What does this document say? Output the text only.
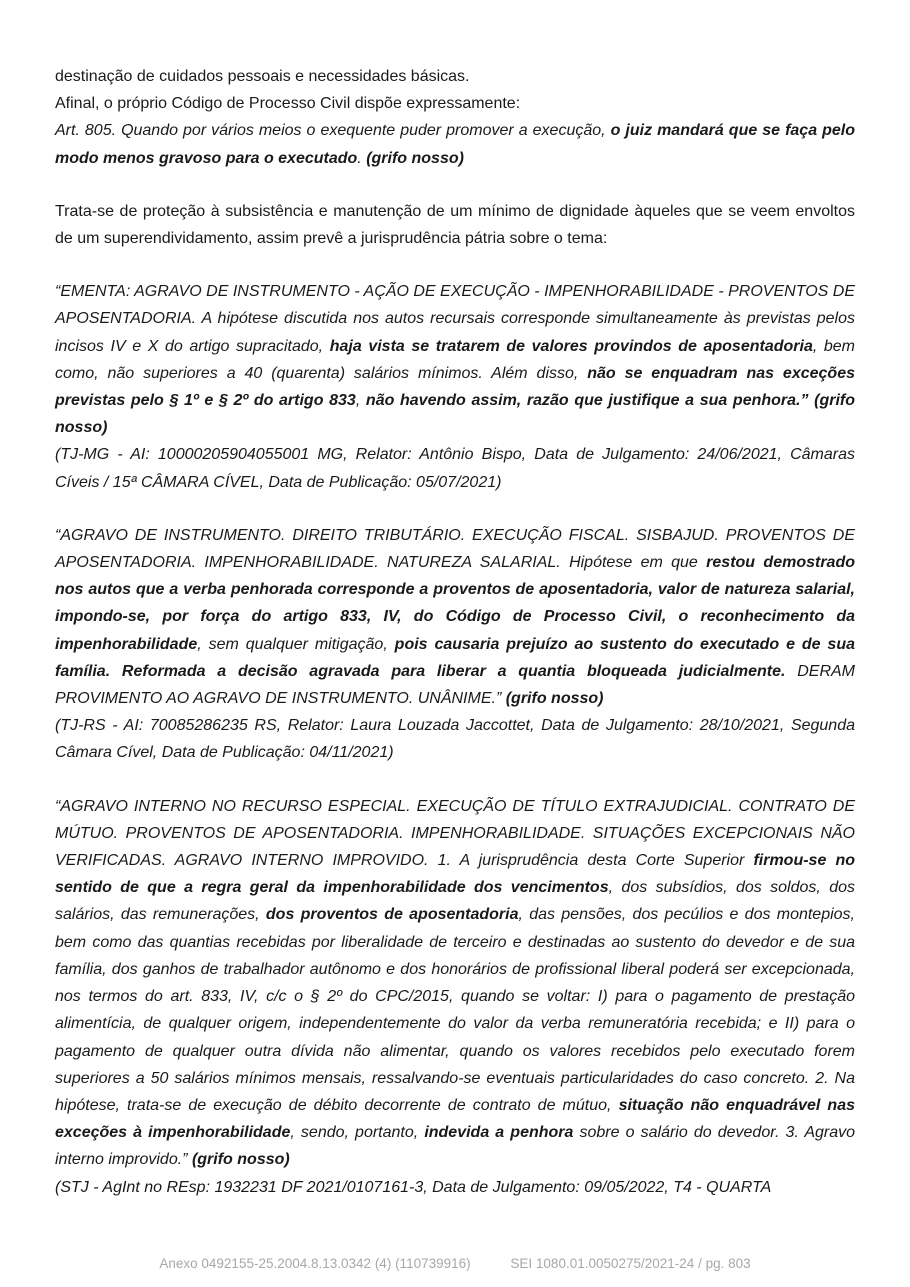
destinação de cuidados pessoais e necessidades básicas.

Afinal, o próprio Código de Processo Civil dispõe expressamente:

Art. 805. Quando por vários meios o exequente puder promover a execução, o juiz mandará que se faça pelo modo menos gravoso para o executado. (grifo nosso)

Trata-se de proteção à subsistência e manutenção de um mínimo de dignidade àqueles que se veem envoltos de um superendividamento, assim prevê a jurisprudência pátria sobre o tema:

“EMENTA: AGRAVO DE INSTRUMENTO - AÇÃO DE EXECUÇÃO - IMPENHORABILIDADE - PROVENTOS DE APOSENTADORIA. A hipótese discutida nos autos recursais corresponde simultaneamente às previstas pelos incisos IV e X do artigo supracitado, haja vista se tratarem de valores provindos de aposentadoria, bem como, não superiores a 40 (quarenta) salários mínimos. Além disso, não se enquadram nas exceções previstas pelo § 1º e § 2º do artigo 833, não havendo assim, razão que justifique a sua penhora.” (grifo nosso)

(TJ-MG - AI: 10000205904055001 MG, Relator: Antônio Bispo, Data de Julgamento: 24/06/2021, Câmaras Cíveis / 15ª CÂMARA CÍVEL, Data de Publicação: 05/07/2021)

“AGRAVO DE INSTRUMENTO. DIREITO TRIBUTÁRIO. EXECUÇÃO FISCAL. SISBAJUD. PROVENTOS DE APOSENTADORIA. IMPENHORABILIDADE. NATUREZA SALARIAL. Hipótese em que restou demostrado nos autos que a verba penhorada corresponde a proventos de aposentadoria, valor de natureza salarial, impondo-se, por força do artigo 833, IV, do Código de Processo Civil, o reconhecimento da impenhorabilidade, sem qualquer mitigação, pois causaria prejuízo ao sustento do executado e de sua família. Reformada a decisão agravada para liberar a quantia bloqueada judicialmente. DERAM PROVIMENTO AO AGRAVO DE INSTRUMENTO. UNÂNIME.” (grifo nosso)

(TJ-RS - AI: 70085286235 RS, Relator: Laura Louzada Jaccottet, Data de Julgamento: 28/10/2021, Segunda Câmara Cível, Data de Publicação: 04/11/2021)

“AGRAVO INTERNO NO RECURSO ESPECIAL. EXECUÇÃO DE TÍTULO EXTRAJUDICIAL. CONTRATO DE MÚTUO. PROVENTOS DE APOSENTADORIA. IMPENHORABILIDADE. SITUAÇÕES EXCEPCIONAIS NÃO VERIFICADAS. AGRAVO INTERNO IMPROVIDO. 1. A jurisprudência desta Corte Superior firmou-se no sentido de que a regra geral da impenhorabilidade dos vencimentos, dos subsídios, dos soldos, dos salários, das remunerações, dos proventos de aposentadoria, das pensões, dos pecúlios e dos montepios, bem como das quantias recebidas por liberalidade de terceiro e destinadas ao sustento do devedor e de sua família, dos ganhos de trabalhador autônomo e dos honorários de profissional liberal poderá ser excepcionada, nos termos do art. 833, IV, c/c o § 2º do CPC/2015, quando se voltar: I) para o pagamento de prestação alimentícia, de qualquer origem, independentemente do valor da verba remuneratória recebida; e II) para o pagamento de qualquer outra dívida não alimentar, quando os valores recebidos pelo executado forem superiores a 50 salários mínimos mensais, ressalvando-se eventuais particularidades do caso concreto. 2. Na hipótese, trata-se de execução de débito decorrente de contrato de mútuo, situação não enquadrável nas exceções à impenhorabilidade, sendo, portanto, indevida a penhora sobre o salário do devedor. 3. Agravo interno improvido.” (grifo nosso)

(STJ - AgInt no REsp: 1932231 DF 2021/0107161-3, Data de Julgamento: 09/05/2022, T4 - QUARTA

Anexo 0492155-25.2004.8.13.0342 (4) (110739916)	SEI 1080.01.0050275/2021-24 / pg. 803
